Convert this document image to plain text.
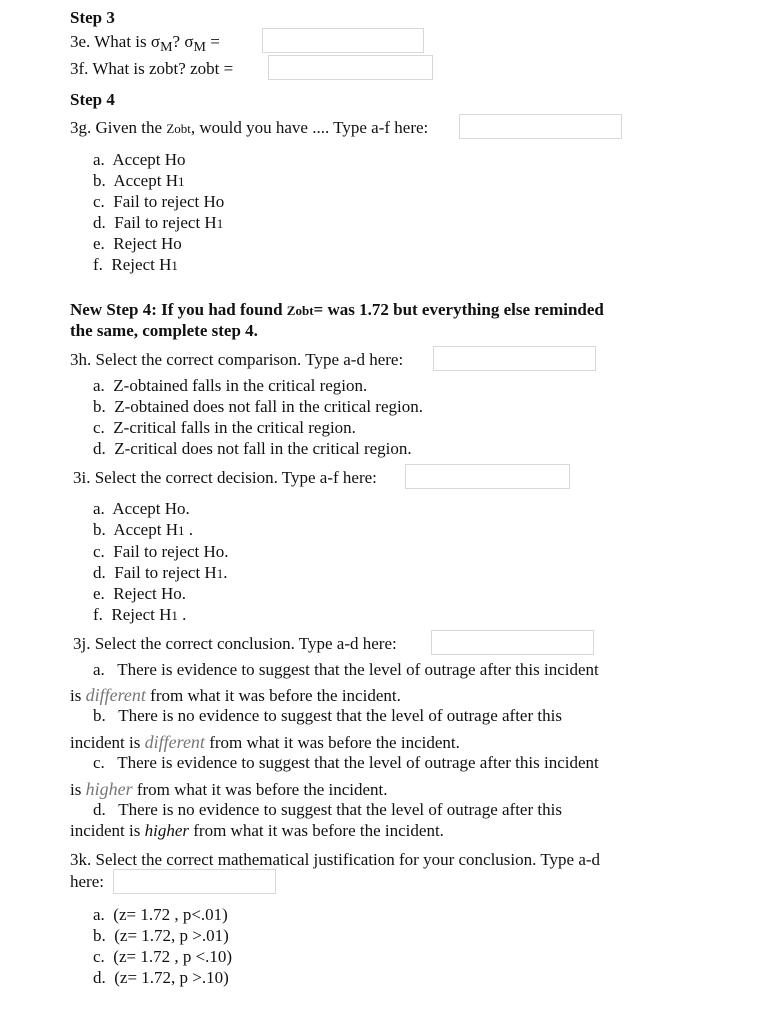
Step 3
3e. What is $\sigma_M$? $\sigma_M$ =
3f. What is zobt? zobt =
Step 4
3g. Given the Zobt, would you have .... Type a-f here:
a. Accept Ho
b. Accept H1
c. Fail to reject Ho
d. Fail to reject H1
e. Reject Ho
f. Reject H1
New Step 4: If you had found Zobt= was 1.72 but everything else reminded
the same, complete step 4.
3h. Select the correct comparison. Type a-d here:
a. Z-obtained falls in the critical region.
b. Z-obtained does not fall in the critical region.
c. Z-critical falls in the critical region.
d. Z-critical does not fall in the critical region.
3i. Select the correct decision. Type a-f here:
a. Accept Ho.
b. Accept H1 .
c. Fail to reject Ho.
d. Fail to reject H1.
e. Reject Ho.
f. Reject H1 .
3j. Select the correct conclusion. Type a-d here:
a. There is evidence to suggest that the level of outrage after this incident
is different from what it was before the incident.
b. There is no evidence to suggest that the level of outrage after this
incident is different from what it was before the incident.
c. There is evidence to suggest that the level of outrage after this incident
is higher from what it was before the incident.
d. There is no evidence to suggest that the level of outrage after this
incident is higher from what it was before the incident.
3k. Select the correct mathematical justification for your conclusion. Type a-d
here:
a. (z= 1.72 , p<.01)
b. (z= 1.72, p >.01)
c. (z= 1.72 , p <.10)
d. (z= 1.72, p >.10)
